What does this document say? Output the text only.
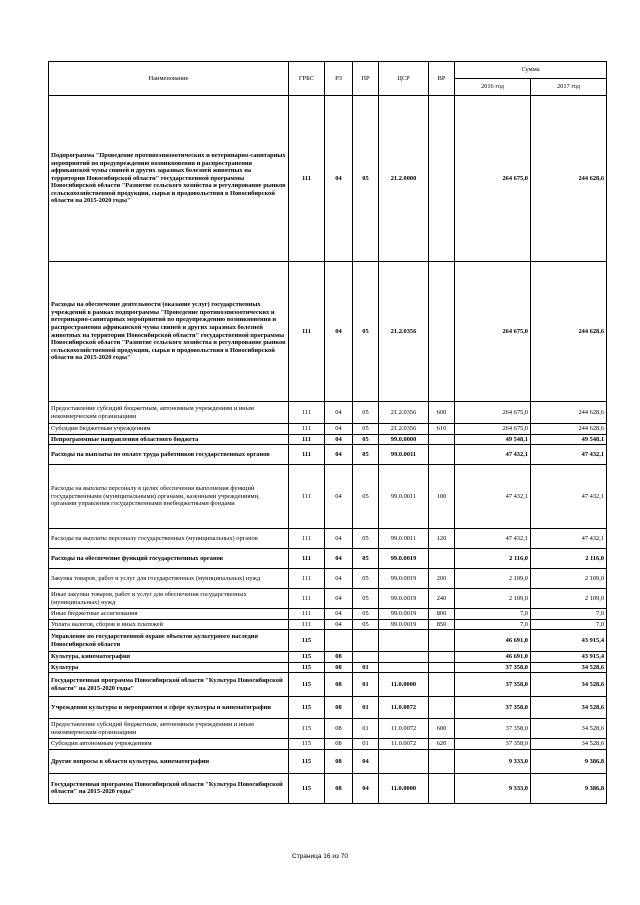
Наименование	ГРБС	РЗ	ПР	ЦСР	ВР	Сумма	
						2016 год	2017 год
Подпрограмма "Проведение противоэпизоотических и ветеринарно-санитарных мероприятий по предупреждению возникновения и распространения африканской чумы свиней и других заразных болезней животных на территории Новосибирской области" государственной программы Новосибирской области "Развитие сельского хозяйства и регулирование рынков сельскохозяйственной продукции, сырья и продовольствия в Новосибирской области на 2015-2020 годы"	111	04	05	21.2.0000		264 675,0	244 628,6
Расходы на обеспечение деятельности (оказание услуг) государственных учреждений в рамках подпрограммы "Проведение противоэпизоотических и ветеринарно-санитарных мероприятий по предупреждению возникновения и распространения африканской чумы свиней и других заразных болезней животных на территории Новосибирской области" государственной программы Новосибирской области "Развитие сельского хозяйства и регулирование рынков сельскохозяйственной продукции, сырья и продовольствия в Новосибирской области на 2015-2020 годы"	111	04	05	21.2.0356		264 675,0	244 628,6
Предоставление субсидий бюджетным, автономным учреждениям и иным некоммерческим организациям	111	04	05	21.2.0356	600	264 675,0	244 628,6
Субсидии бюджетным учреждениям	111	04	05	21.2.0356	610	264 675,0	244 628,6
Непрограммные направления областного бюджета	111	04	05	99.0.0000		49 548,1	49 548,1
Расходы на выплаты по оплате труда работников государственных органов	111	04	05	99.0.0011		47 432,1	47 432,1
Расходы на выплаты персоналу в целях обеспечения выполнения функций государственными (муниципальными) органами, казенными учреждениями, органами управления государственными внебюджетными фондами	111	04	05	99.0.0011	100	47 432,1	47 432,1
Расходы на выплаты персоналу государственных (муниципальных) органов	111	04	05	99.0.0011	120	47 432,1	47 432,1
Расходы на обеспечение функций государственных органов	111	04	05	99.0.0019		2 116,0	2 116,0
Закупка товаров, работ и услуг для государственных (муниципальных) нужд	111	04	05	99.0.0019	200	2 109,0	2 109,0
Иные закупки товаров, работ и услуг для обеспечения государственных (муниципальных) нужд	111	04	05	99.0.0019	240	2 109,0	2 109,0
Иные бюджетные ассигнования	111	04	05	99.0.0019	800	7,0	7,0
Уплата налогов, сборов и иных платежей	111	04	05	99.0.0019	850	7,0	7,0
Управление по государственной охране объектов культурного наследия Новосибирской области	115					46 691,0	43 915,4
Культура, кинематография	115	08				46 691,0	43 915,4
Культура	115	08	01			37 358,0	34 528,6
Государственная программа Новосибирской области "Культура Новосибирской области" на 2015-2020 годы"	115	08	01	11.0.0000		37 358,0	34 528,6
Учреждения культуры и мероприятия в сфере культуры и кинематографии	115	08	01	11.0.0072		37 358,0	34 528,6
Предоставление субсидий бюджетным, автономным учреждениям и иным некоммерческим организациям	115	08	01	11.0.0072	600	37 358,0	34 528,6
Субсидии автономным учреждениям	115	08	01	11.0.0072	620	37 358,0	34 528,6
Другие вопросы в области культуры, кинематографии	115	08	04			9 333,0	9 386,8
Государственная программа Новосибирской области "Культура Новосибирской области" на 2015-2020 годы"	115	08	04	11.0.0000		9 333,0	9 386,8
Страница 16 из 70
